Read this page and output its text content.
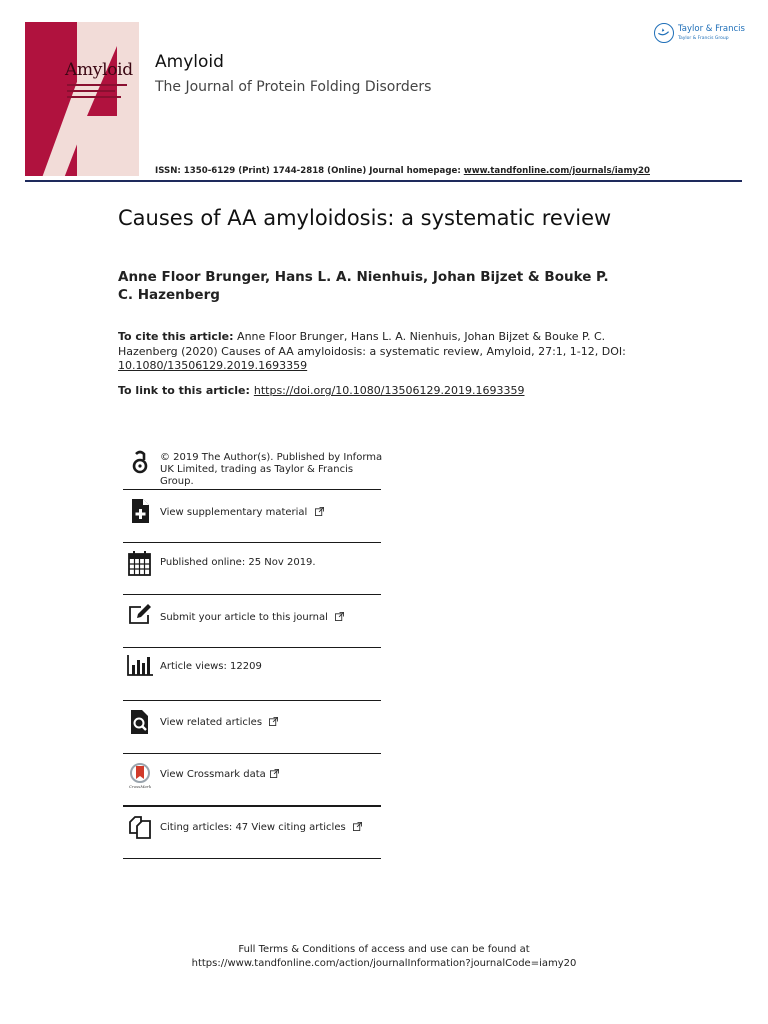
Amyloid Amyloid
The Journal of Protein Folding Disorders
ISSN: 1350-6129 (Print) 1744-2818 (Online) Journal homepage: www.tandfonline.com/journals/iamy20
Taylor & Francis
Taylor & Francis Group
Causes of AA amyloidosis: a systematic review
Anne Floor Brunger, Hans L. A. Nienhuis, Johan Bijzet & Bouke P. C. Hazenberg
To cite this article: Anne Floor Brunger, Hans L. A. Nienhuis, Johan Bijzet & Bouke P. C. Hazenberg (2020) Causes of AA amyloidosis: a systematic review, Amyloid, 27:1, 1-12, DOI: 10.1080/13506129.2019.1693359
To link to this article: https://doi.org/10.1080/13506129.2019.1693359
© 2019 The Author(s). Published by Informa UK Limited, trading as Taylor & Francis Group.
View supplementary material
Published online: 25 Nov 2019.
Submit your article to this journal
Article views: 12209
View related articles
CrossMark
View Crossmark data
Citing articles: 47 View citing articles
Full Terms & Conditions of access and use can be found at
https://www.tandfonline.com/action/journalInformation?journalCode=iamy20
